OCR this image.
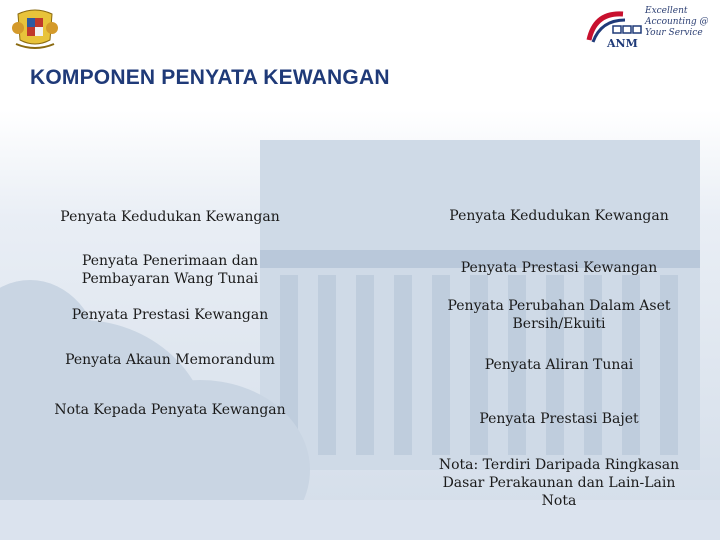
ANM
Excellent
Accounting @
Your Service
KOMPONEN PENYATA KEWANGAN
Penyata Kedudukan Kewangan
Penyata Penerimaan dan
Pembayaran Wang Tunai
Penyata Prestasi Kewangan
Penyata Akaun Memorandum
Nota Kepada Penyata Kewangan
Penyata Kedudukan Kewangan
Penyata Prestasi Kewangan
Penyata Perubahan Dalam Aset
Bersih/Ekuiti
Penyata Aliran Tunai
Penyata Prestasi Bajet
Nota: Terdiri Daripada Ringkasan
Dasar Perakaunan dan Lain-Lain
Nota
